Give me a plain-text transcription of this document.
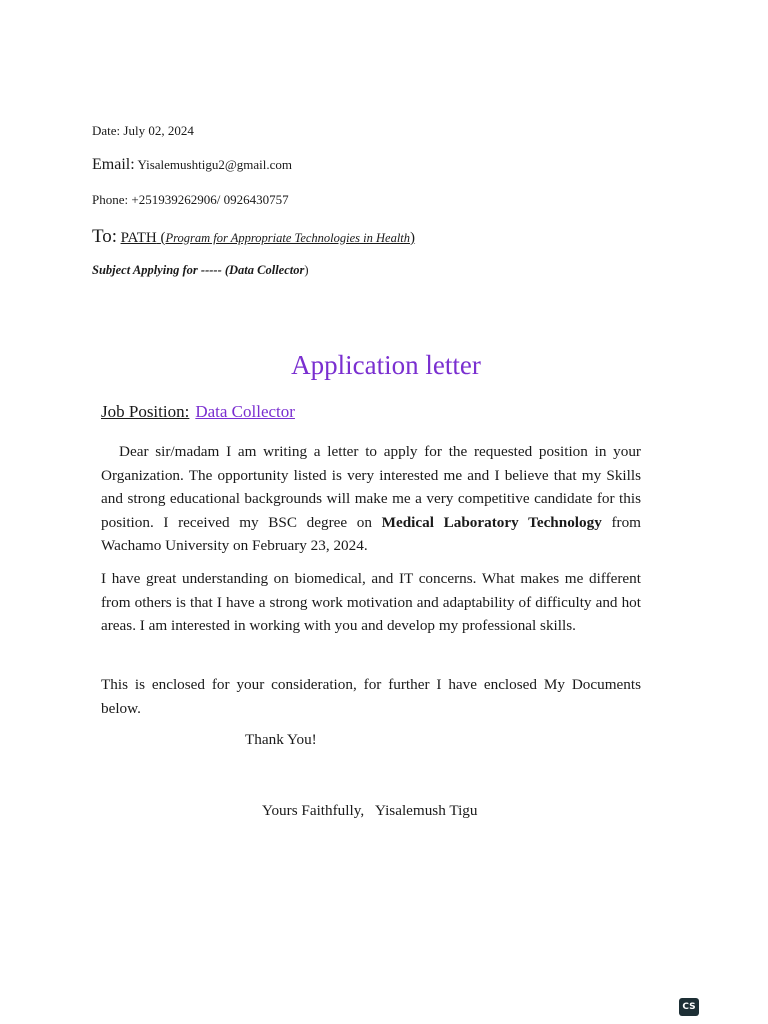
Date: July 02, 2024
Email: Yisalemushtigu2@gmail.com
Phone: +251939262906/ 0926430757
To: PATH (Program for Appropriate Technologies in Health)
Subject Applying for ----- (Data Collector)
Application letter
Job Position: Data Collector

Dear sir/madam I am writing a letter to apply for the requested position in your Organization. The opportunity listed is very interested me and I believe that my Skills and strong educational backgrounds will make me a very competitive candidate for this position. I received my BSC degree on Medical Laboratory Technology from Wachamo University on February 23, 2024.

I have great understanding on biomedical, and IT concerns. What makes me different from others is that I have a strong work motivation and adaptability of difficulty and hot areas. I am interested in working with you and develop my professional skills.

This is enclosed for your consideration, for further I have enclosed My Documents below.

Thank You!
Yours Faithfully,   Yisalemush Tigu
CS
